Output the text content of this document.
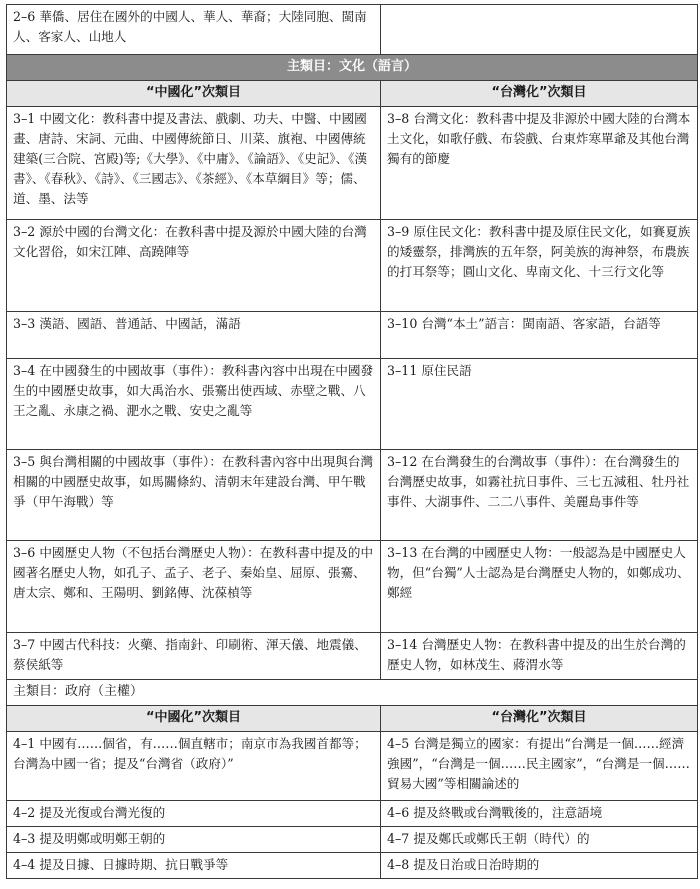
2–6 華僑、居住在國外的中國人、華人、華裔；大陸同胞、閩南人、客家人、山地人	
主類目：文化（語言）	
“中國化”次類目	“台灣化”次類目
3–1 中國文化：教科書中提及書法、戲劇、功夫、中醫、中國國畫、唐詩、宋詞、元曲、中國傳統節日、川菜、旗袍、中國傳統建築(三合院、宮殿)等;《大學》、《中庸》、《論語》、《史記》、《漢書》、《春秋》、《詩》、《三國志》、《茶經》、《本草綱目》等；儒、道、墨、法等	3–8 台灣文化：教科書中提及非源於中國大陸的台灣本土文化，如歌仔戲、布袋戲、台東炸寒單爺及其他台灣獨有的節慶
3–2 源於中國的台灣文化：在教科書中提及源於中國大陸的台灣文化習俗，如宋江陣、高蹺陣等	3–9 原住民文化：教科書中提及原住民文化，如賽夏族的矮靈祭，排灣族的五年祭，阿美族的海神祭，布農族的打耳祭等；圓山文化、卑南文化、十三行文化等
3–3 漢語、國語、普通話、中國話，滿語	3–10 台灣“本土”語言：閩南語、客家語，台語等
3–4 在中國發生的中國故事（事件）：教科書內容中出現在中國發生的中國歷史故事，如大禹治水、張騫出使西域、赤壁之戰、八王之亂、永康之禍、淝水之戰、安史之亂等	3–11 原住民語
3–5 與台灣相關的中國故事（事件）：在教科書內容中出現與台灣相關的中國歷史故事，如馬關條約、清朝末年建設台灣、甲午戰爭（甲午海戰）等	3–12 在台灣發生的台灣故事（事件）：在台灣發生的台灣歷史故事，如霧社抗日事件、三七五減租、牡丹社事件、大湖事件、二二八事件、美麗島事件等
3–6 中國歷史人物（不包括台灣歷史人物）：在教科書中提及的中國著名歷史人物，如孔子、孟子、老子、秦始皇、屈原、張騫、唐太宗、鄭和、王陽明、劉銘傳、沈葆楨等	3–13 在台灣的中國歷史人物：一般認為是中國歷史人物，但“台獨”人士認為是台灣歷史人物的，如鄭成功、鄭經
3–7 中國古代科技：火藥、指南針、印刷術、渾天儀、地震儀、蔡侯紙等	3–14 台灣歷史人物：在教科書中提及的出生於台灣的歷史人物，如林茂生、蔣渭水等
主類目：政府（主權）	
“中國化”次類目	“台灣化”次類目
4–1 中國有……個省，有……個直轄市；南京市為我國首都等；台灣為中國一省；提及“台灣省（政府）”	4–5 台灣是獨立的國家：有提出“台灣是一個……經濟強國”，“台灣是一個……民主國家”，“台灣是一個……貿易大國”等相關論述的
4–2 提及光復或台灣光復的	4–6 提及終戰或台灣戰後的，注意語境
4–3 提及明鄭或明鄭王朝的	4–7 提及鄭氏或鄭氏王朝（時代）的
4–4 提及日據、日據時期、抗日戰爭等	4–8 提及日治或日治時期的
